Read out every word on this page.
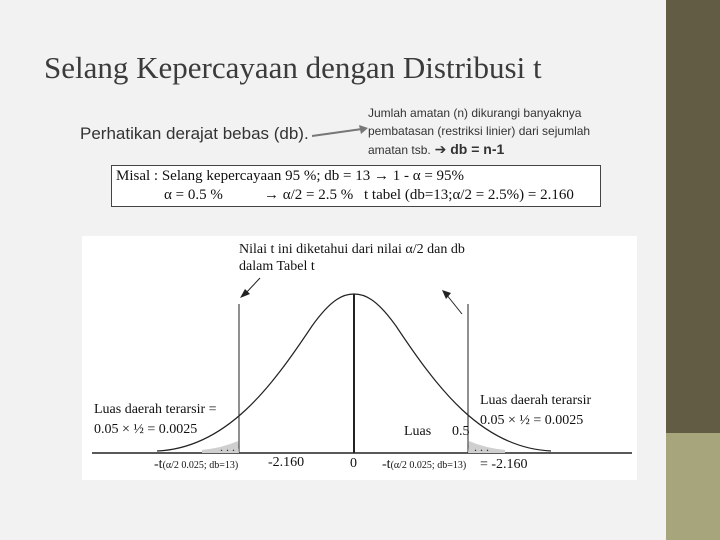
Selang Kepercayaan dengan Distribusi t
Perhatikan derajat bebas (db).
Jumlah amatan (n) dikurangi banyaknya
pembatasan (restriksi linier) dari sejumlah
amatan tsb. ➔ db = n-1
Misal : Selang kepercayaan 95 %; db = 13 → 1 - α = 95%
α = 0.5 %	→ α/2 = 2.5 % t tabel (db=13;α/2 = 2.5%) = 2.160
. . .	. . .
Nilai t ini diketahui dari nilai α/2 dan db
dalam Tabel t
Luas daerah terarsir =
0.05 × ½ = 0.0025
Luas daerah terarsir
0.05 × ½ = 0.0025
Luas 0.5
-t(α/2 0.025; db=13) -2.160	0 -t(α/2 0.025; db=13) = -2.160
